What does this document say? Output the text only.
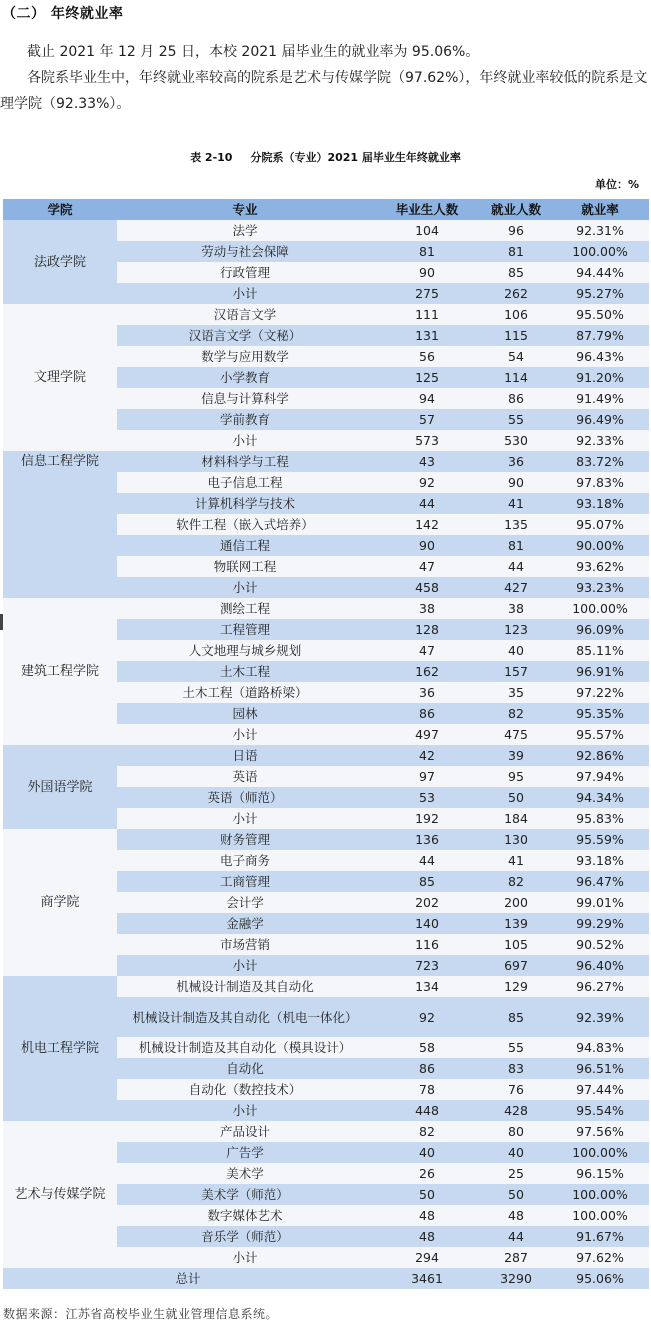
（二） 年终就业率
截止 2021 年 12 月 25 日，本校 2021 届毕业生的就业率为 95.06%。
各院系毕业生中，年终就业率较高的院系是艺术与传媒学院（97.62%），年终就业率较低的院系是文理学院（92.33%）。
表 2-10 分院系（专业）2021 届毕业生年终就业率
单位：%
学院	专业	毕业生人数	就业人数	就业率
法政学院	法学	104	96	92.31%
	劳动与社会保障	81	81	100.00%
	行政管理	90	85	94.44%
	小计	275	262	95.27%
文理学院	汉语言文学	111	106	95.50%
	汉语言文学（文秘）	131	115	87.79%
	数学与应用数学	56	54	96.43%
	小学教育	125	114	91.20%
	信息与计算科学	94	86	91.49%
	学前教育	57	55	96.49%
	小计	573	530	92.33%
信息工程学院	材料科学与工程	43	36	83.72%
	电子信息工程	92	90	97.83%
	计算机科学与技术	44	41	93.18%
	软件工程（嵌入式培养）	142	135	95.07%
	通信工程	90	81	90.00%
	物联网工程	47	44	93.62%
	小计	458	427	93.23%
建筑工程学院	测绘工程	38	38	100.00%
	工程管理	128	123	96.09%
	人文地理与城乡规划	47	40	85.11%
	土木工程	162	157	96.91%
	土木工程（道路桥梁）	36	35	97.22%
	园林	86	82	95.35%
	小计	497	475	95.57%
外国语学院	日语	42	39	92.86%
	英语	97	95	97.94%
	英语（师范）	53	50	94.34%
	小计	192	184	95.83%
商学院	财务管理	136	130	95.59%
	电子商务	44	41	93.18%
	工商管理	85	82	96.47%
	会计学	202	200	99.01%
	金融学	140	139	99.29%
	市场营销	116	105	90.52%
	小计	723	697	96.40%
机电工程学院	机械设计制造及其自动化	134	129	96.27%
	机械设计制造及其自动化（机电一体化）	92	85	92.39%
	机械设计制造及其自动化（模具设计）	58	55	94.83%
	自动化	86	83	96.51%
	自动化（数控技术）	78	76	97.44%
	小计	448	428	95.54%
艺术与传媒学院	产品设计	82	80	97.56%
	广告学	40	40	100.00%
	美术学	26	25	96.15%
	美术学（师范）	50	50	100.00%
	数字媒体艺术	48	48	100.00%
	音乐学（师范）	48	44	91.67%
	小计	294	287	97.62%
总计		3461	3290	95.06%
数据来源：江苏省高校毕业生就业管理信息系统。
